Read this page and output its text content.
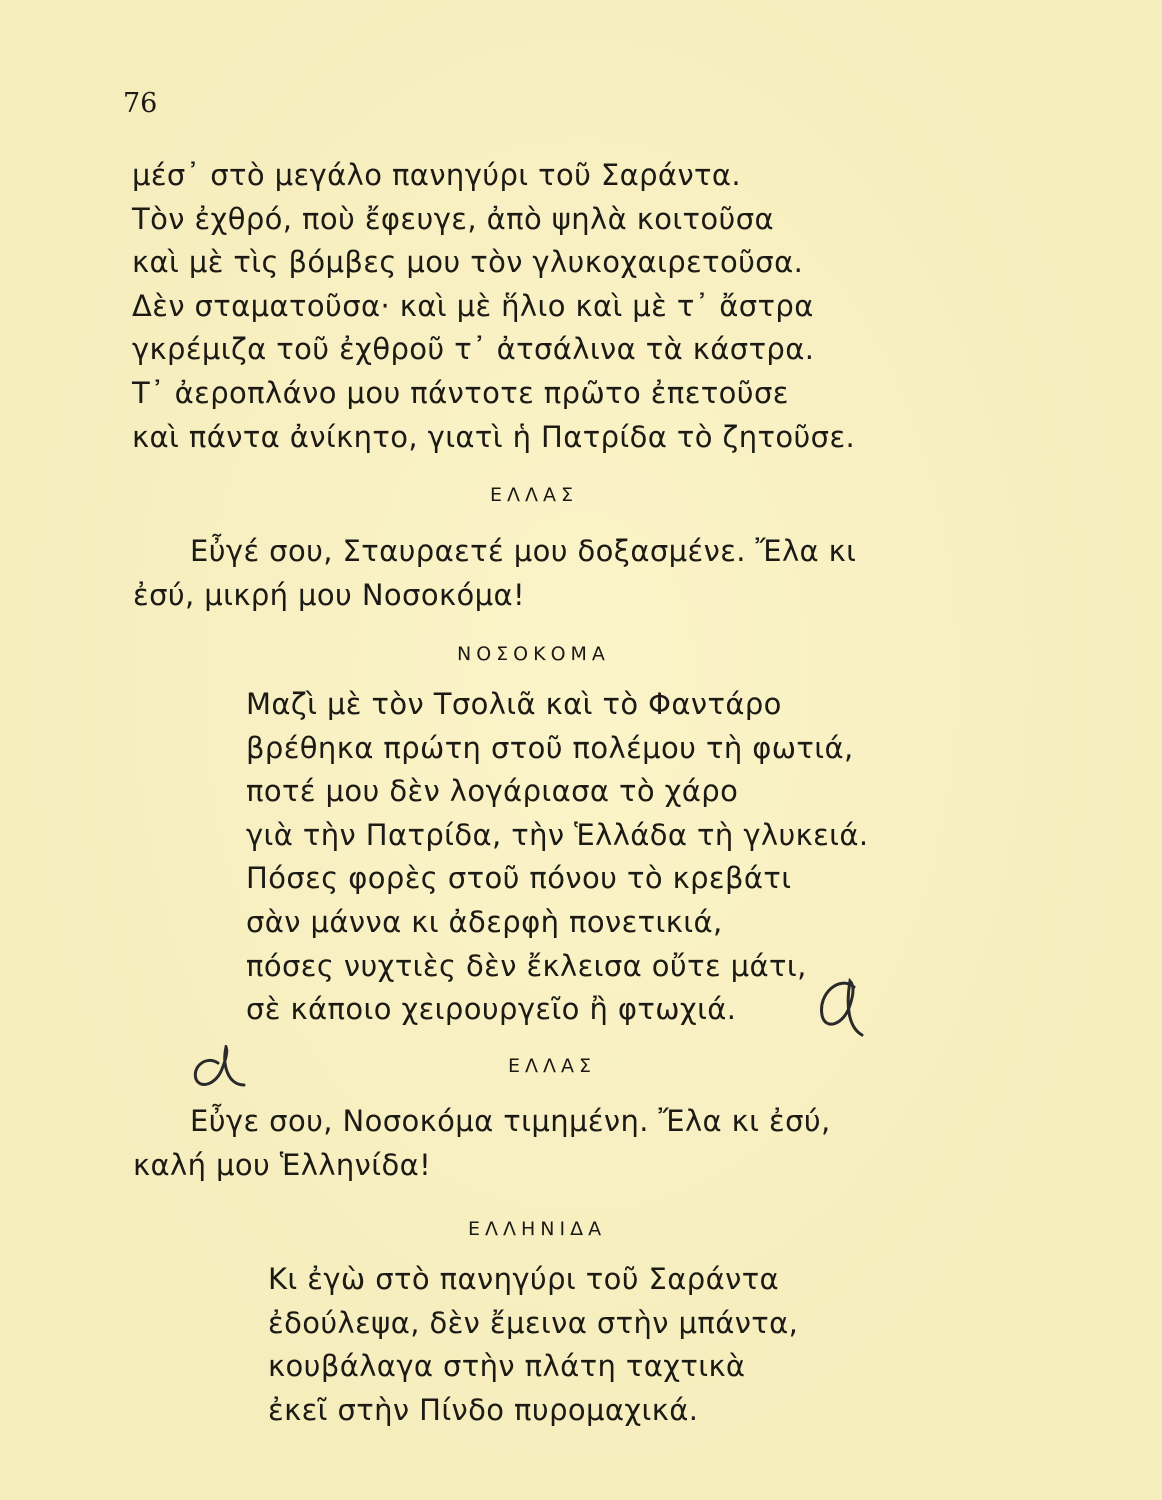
76
μέσ᾽ στὸ μεγάλο πανηγύρι τοῦ Σαράντα.
Τὸν ἐχθρό, ποὺ ἔφευγε, ἀπὸ ψηλὰ κοιτοῦσα
καὶ μὲ τὶς βόμβες μου τὸν γλυκοχαιρετοῦσα.
Δὲν σταματοῦσα· καὶ μὲ ἥλιο καὶ μὲ τ᾽ ἄστρα
γκρέμιζα τοῦ ἐχθροῦ τ᾽ ἀτσάλινα τὰ κάστρα.
Τ᾽ ἀεροπλάνο μου πάντοτε πρῶτο ἐπετοῦσε
καὶ πάντα ἀνίκητο, γιατὶ ἡ Πατρίδα τὸ ζητοῦσε.
ΕΛΛΑΣ
Εὖγέ σου, Σταυραετέ μου δοξασμένε. Ἔλα κι
ἐσύ, μικρή μου Νοσοκόμα!
ΝΟΣΟΚΟΜΑ
Μαζὶ μὲ τὸν Τσολιᾶ καὶ τὸ Φαντάρο
βρέθηκα πρώτη στοῦ πολέμου τὴ φωτιά,
ποτέ μου δὲν λογάριασα τὸ χάρο
γιὰ τὴν Πατρίδα, τὴν Ἑλλάδα τὴ γλυκειά.
Πόσες φορὲς στοῦ πόνου τὸ κρεβάτι
σὰν μάννα κι ἀδερφὴ πονετικιά,
πόσες νυχτιὲς δὲν ἔκλεισα οὔτε μάτι,
σὲ κάποιο χειρουργεῖο ἢ φτωχιά.
ΕΛΛΑΣ
Εὖγε σου, Νοσοκόμα τιμημένη. Ἔλα κι ἐσύ,
καλή μου Ἑλληνίδα!
ΕΛΛΗΝΙΔΑ
Κι ἐγὼ στὸ πανηγύρι τοῦ Σαράντα
ἐδούλεψα, δὲν ἔμεινα στὴν μπάντα,
κουβάλαγα στὴν πλάτη ταχτικὰ
ἐκεῖ στὴν Πίνδο πυρομαχικά.
